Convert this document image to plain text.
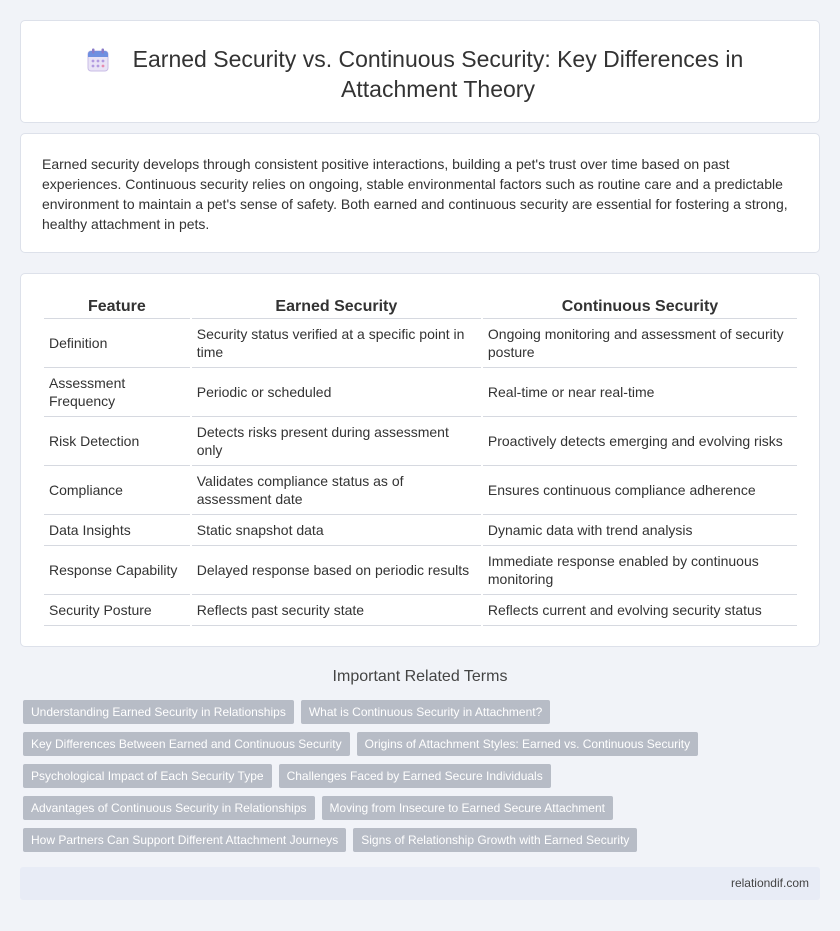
Earned Security vs. Continuous Security: Key Differences in Attachment Theory

Earned security develops through consistent positive interactions, building a pet's trust over time based on past experiences. Continuous security relies on ongoing, stable environmental factors such as routine care and a predictable environment to maintain a pet's sense of safety. Both earned and continuous security are essential for fostering a strong, healthy attachment in pets.

Feature	Earned Security	Continuous Security
Definition	Security status verified at a specific point in time	Ongoing monitoring and assessment of security posture
Assessment Frequency	Periodic or scheduled	Real-time or near real-time
Risk Detection	Detects risks present during assessment only	Proactively detects emerging and evolving risks
Compliance	Validates compliance status as of assessment date	Ensures continuous compliance adherence
Data Insights	Static snapshot data	Dynamic data with trend analysis
Response Capability	Delayed response based on periodic results	Immediate response enabled by continuous monitoring
Security Posture	Reflects past security state	Reflects current and evolving security status
Important Related Terms
Understanding Earned Security in Relationships	What is Continuous Security in Attachment?
Key Differences Between Earned and Continuous Security	Origins of Attachment Styles: Earned vs. Continuous Security
Psychological Impact of Each Security Type	Challenges Faced by Earned Secure Individuals
Advantages of Continuous Security in Relationships	Moving from Insecure to Earned Secure Attachment
How Partners Can Support Different Attachment Journeys	Signs of Relationship Growth with Earned Security
relationdif.com
